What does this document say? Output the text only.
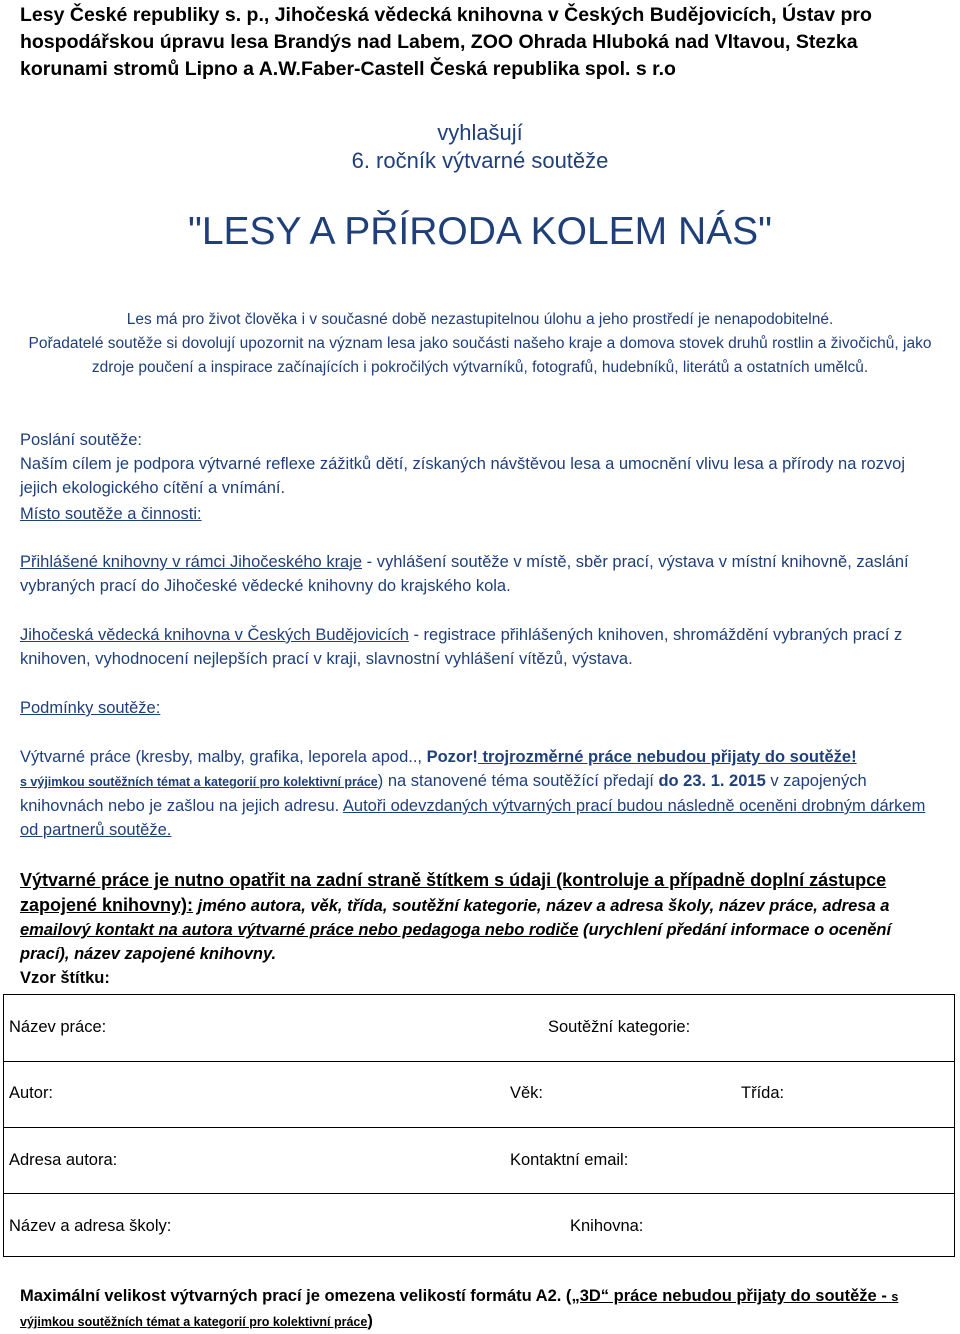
Lesy České republiky s. p., Jihočeská vědecká knihovna v Českých Budějovicích, Ústav pro hospodářskou úpravu lesa Brandýs nad Labem, ZOO Ohrada Hluboká nad Vltavou, Stezka korunami stromů Lipno a A.W.Faber-Castell Česká republika spol. s r.o
vyhlašují
6. ročník výtvarné soutěže
"LESY A PŘÍRODA KOLEM NÁS"
Les má pro život člověka i v současné době nezastupitelnou úlohu a jeho prostředí je nenapodobitelné.
Pořadatelé soutěže si dovolují upozornit na význam lesa jako součásti našeho kraje a domova stovek druhů rostlin a živočichů, jako zdroje poučení a inspirace začínajících i pokročilých výtvarníků, fotografů, hudebníků, literátů a ostatních umělců.
Poslání soutěže:
Naším cílem je podpora výtvarné reflexe zážitků dětí, získaných návštěvou lesa a umocnění vlivu lesa a přírody na rozvoj jejich ekologického cítění a vnímání.
Místo soutěže a činnosti:
Přihlášené knihovny v rámci Jihočeského kraje - vyhlášení soutěže v místě, sběr prací, výstava v místní knihovně, zaslání vybraných prací do Jihočeské vědecké knihovny do krajského kola.
Jihočeská vědecká knihovna v Českých Budějovicích - registrace přihlášených knihoven, shromáždění vybraných prací z knihoven, vyhodnocení nejlepších prací v kraji, slavnostní vyhlášení vítězů, výstava.
Podmínky soutěže:
Výtvarné práce (kresby, malby, grafika, leporela apod.., Pozor! trojrozměrné práce nebudou přijaty do soutěže!
s výjimkou soutěžních témat a kategorií pro kolektivní práce) na stanovené téma soutěžící předají do 23. 1. 2015 v zapojených knihovnách nebo je zašlou na jejich adresu. Autoři odevzdaných výtvarných prací budou následně oceněni drobným dárkem od partnerů soutěže.
Výtvarné práce je nutno opatřit na zadní straně štítkem s údaji (kontroluje a případně doplní zástupce zapojené knihovny): jméno autora, věk, třída, soutěžní kategorie, název a adresa školy, název práce, adresa a emailový kontakt na autora výtvarné práce nebo pedagoga nebo rodiče (urychlení předání informace o ocenění prací), název zapojené knihovny.
Vzor štítku:
Název práce:	Soutěžní kategorie:
Autor:	Věk:	Třída:
Adresa autora:	Kontaktní email:
Název a adresa školy:	Knihovna:
Maximální velikost výtvarných prací je omezena velikostí formátu A2. („3D“ práce nebudou přijaty do soutěže - s výjimkou soutěžních témat a kategorií pro kolektivní práce)
